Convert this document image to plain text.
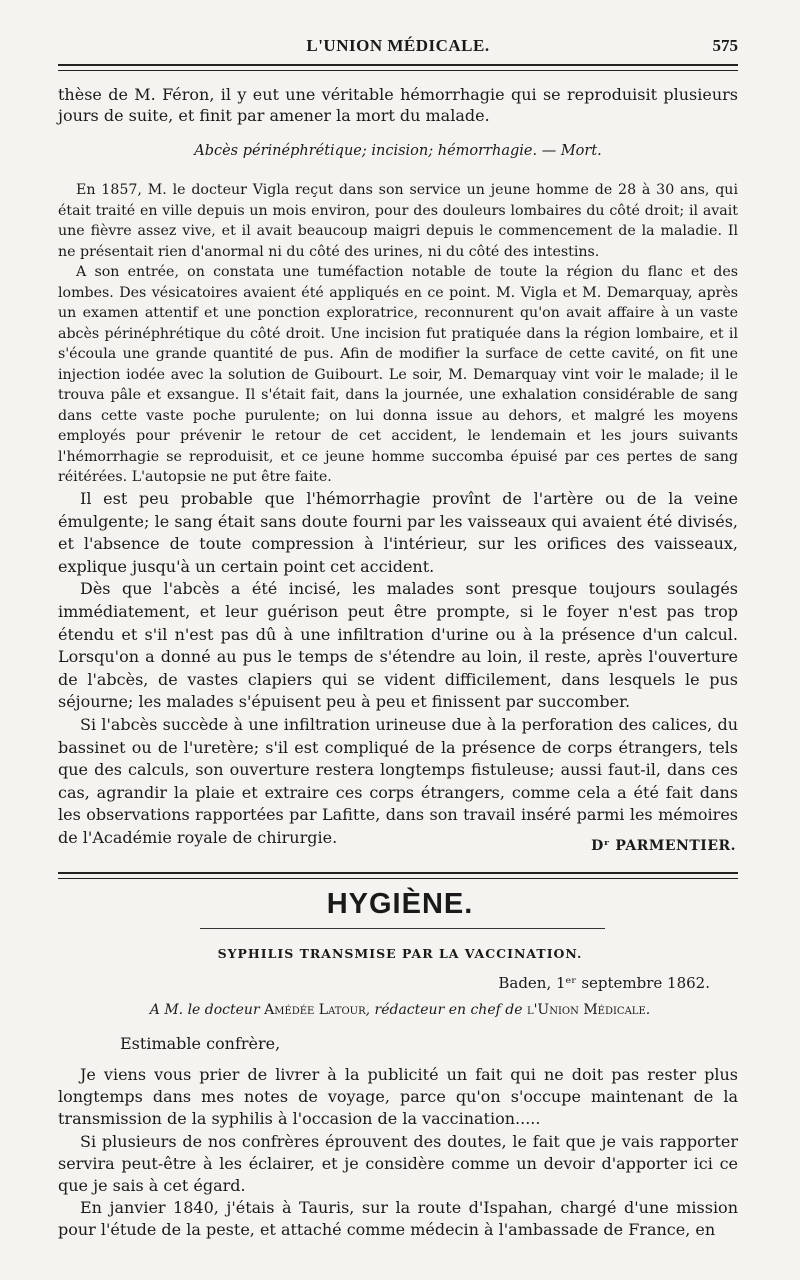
L'UNION MÉDICALE.	575

thèse de M. Féron, il y eut une véritable hémorrhagie qui se reproduisit plusieurs jours de suite, et finit par amener la mort du malade.

Abcès périnéphrétique; incision; hémorrhagie. — Mort.

En 1857, M. le docteur Vigla reçut dans son service un jeune homme de 28 à 30 ans, qui était traité en ville depuis un mois environ, pour des douleurs lombaires du côté droit; il avait une fièvre assez vive, et il avait beaucoup maigri depuis le commencement de la maladie. Il ne présentait rien d'anormal ni du côté des urines, ni du côté des intestins.

A son entrée, on constata une tuméfaction notable de toute la région du flanc et des lombes. Des vésicatoires avaient été appliqués en ce point. M. Vigla et M. Demarquay, après un examen attentif et une ponction exploratrice, reconnurent qu'on avait affaire à un vaste abcès périnéphrétique du côté droit. Une incision fut pratiquée dans la région lombaire, et il s'écoula une grande quantité de pus. Afin de modifier la surface de cette cavité, on fit une injection iodée avec la solution de Guibourt. Le soir, M. Demarquay vint voir le malade; il le trouva pâle et exsangue. Il s'était fait, dans la journée, une exhalation considérable de sang dans cette vaste poche purulente; on lui donna issue au dehors, et malgré les moyens employés pour prévenir le retour de cet accident, le lendemain et les jours suivants l'hémorrhagie se reproduisit, et ce jeune homme succomba épuisé par ces pertes de sang réitérées. L'autopsie ne put être faite.

Il est peu probable que l'hémorrhagie provînt de l'artère ou de la veine émulgente; le sang était sans doute fourni par les vaisseaux qui avaient été divisés, et l'absence de toute compression à l'intérieur, sur les orifices des vaisseaux, explique jusqu'à un certain point cet accident.

Dès que l'abcès a été incisé, les malades sont presque toujours soulagés immédiatement, et leur guérison peut être prompte, si le foyer n'est pas trop étendu et s'il n'est pas dû à une infiltration d'urine ou à la présence d'un calcul. Lorsqu'on a donné au pus le temps de s'étendre au loin, il reste, après l'ouverture de l'abcès, de vastes clapiers qui se vident difficilement, dans lesquels le pus séjourne; les malades s'épuisent peu à peu et finissent par succomber.

Si l'abcès succède à une infiltration urineuse due à la perforation des calices, du bassinet ou de l'uretère; s'il est compliqué de la présence de corps étrangers, tels que des calculs, son ouverture restera longtemps fistuleuse; aussi faut-il, dans ces cas, agrandir la plaie et extraire ces corps étrangers, comme cela a été fait dans les observations rapportées par Lafitte, dans son travail inséré parmi les mémoires de l'Académie royale de chirurgie.	Dʳ PARMENTIER.
HYGIÈNE.
SYPHILIS TRANSMISE PAR LA VACCINATION.
Baden, 1ᵉʳ septembre 1862.
A M. le docteur Amédée Latour, rédacteur en chef de l'Union Médicale.
Estimable confrère,

Je viens vous prier de livrer à la publicité un fait qui ne doit pas rester plus longtemps dans mes notes de voyage, parce qu'on s'occupe maintenant de la transmission de la syphilis à l'occasion de la vaccination.....

Si plusieurs de nos confrères éprouvent des doutes, le fait que je vais rapporter servira peut-être à les éclairer, et je considère comme un devoir d'apporter ici ce que je sais à cet égard.

En janvier 1840, j'étais à Tauris, sur la route d'Ispahan, chargé d'une mission pour l'étude de la peste, et attaché comme médecin à l'ambassade de France, en
